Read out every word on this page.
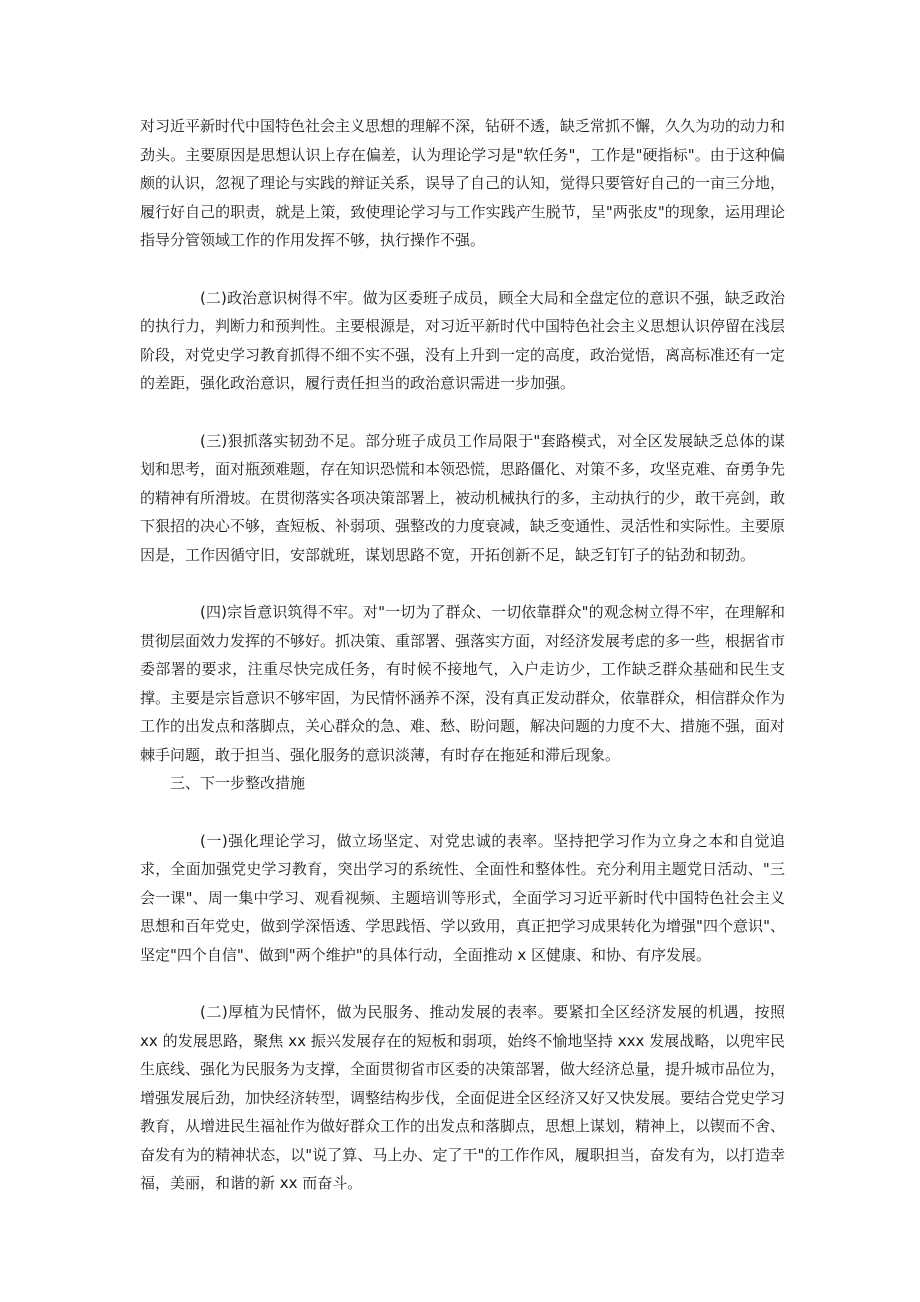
对习近平新时代中国特色社会主义思想的理解不深，钻研不透，缺乏常抓不懈，久久为功的动力和劲头。主要原因是思想认识上存在偏差，认为理论学习是"软任务"，工作是"硬指标"。由于这种偏颇的认识，忽视了理论与实践的辩证关系，误导了自己的认知，觉得只要管好自己的一亩三分地，履行好自己的职责，就是上策，致使理论学习与工作实践产生脱节，呈"两张皮"的现象，运用理论指导分管领域工作的作用发挥不够，执行操作不强。

(二)政治意识树得不牢。做为区委班子成员，顾全大局和全盘定位的意识不强，缺乏政治的执行力，判断力和预判性。主要根源是，对习近平新时代中国特色社会主义思想认识停留在浅层阶段，对党史学习教育抓得不细不实不强，没有上升到一定的高度，政治觉悟，离高标准还有一定的差距，强化政治意识，履行责任担当的政治意识需进一步加强。

(三)狠抓落实韧劲不足。部分班子成员工作局限于"套路模式，对全区发展缺乏总体的谋划和思考，面对瓶颈难题，存在知识恐慌和本领恐慌，思路僵化、对策不多，攻坚克难、奋勇争先的精神有所滑坡。在贯彻落实各项决策部署上，被动机械执行的多，主动执行的少，敢干亮剑，敢下狠招的决心不够，查短板、补弱项、强整改的力度衰减，缺乏变通性、灵活性和实际性。主要原因是，工作因循守旧，安部就班，谋划思路不宽，开拓创新不足，缺乏钉钉子的钻劲和韧劲。

(四)宗旨意识筑得不牢。对"一切为了群众、一切依靠群众"的观念树立得不牢，在理解和贯彻层面效力发挥的不够好。抓决策、重部署、强落实方面，对经济发展考虑的多一些，根据省市委部署的要求，注重尽快完成任务，有时候不接地气，入户走访少，工作缺乏群众基础和民生支撑。主要是宗旨意识不够牢固，为民情怀涵养不深，没有真正发动群众，依靠群众，相信群众作为工作的出发点和落脚点，关心群众的急、难、愁、盼问题，解决问题的力度不大、措施不强，面对棘手问题，敢于担当、强化服务的意识淡薄，有时存在拖延和滞后现象。

三、下一步整改措施

(一)强化理论学习，做立场坚定、对党忠诚的表率。坚持把学习作为立身之本和自觉追求，全面加强党史学习教育，突出学习的系统性、全面性和整体性。充分利用主题党日活动、"三会一课"、周一集中学习、观看视频、主题培训等形式，全面学习习近平新时代中国特色社会主义思想和百年党史，做到学深悟透、学思践悟、学以致用，真正把学习成果转化为增强"四个意识"、坚定"四个自信"、做到"两个维护"的具体行动，全面推动 x 区健康、和协、有序发展。

(二)厚植为民情怀，做为民服务、推动发展的表率。要紧扣全区经济发展的机遇，按照 xx 的发展思路，聚焦 xx 振兴发展存在的短板和弱项，始终不愉地坚持 xxx 发展战略，以兜牢民生底线、强化为民服务为支撑，全面贯彻省市区委的决策部署，做大经济总量，提升城市品位为，增强发展后劲，加快经济转型，调整结构步伐，全面促进全区经济又好又快发展。要结合党史学习教育，从增进民生福祉作为做好群众工作的出发点和落脚点，思想上谋划，精神上，以锲而不舍、奋发有为的精神状态，以"说了算、马上办、定了干"的工作作风，履职担当，奋发有为，以打造幸福，美丽，和谐的新 xx 而奋斗。
